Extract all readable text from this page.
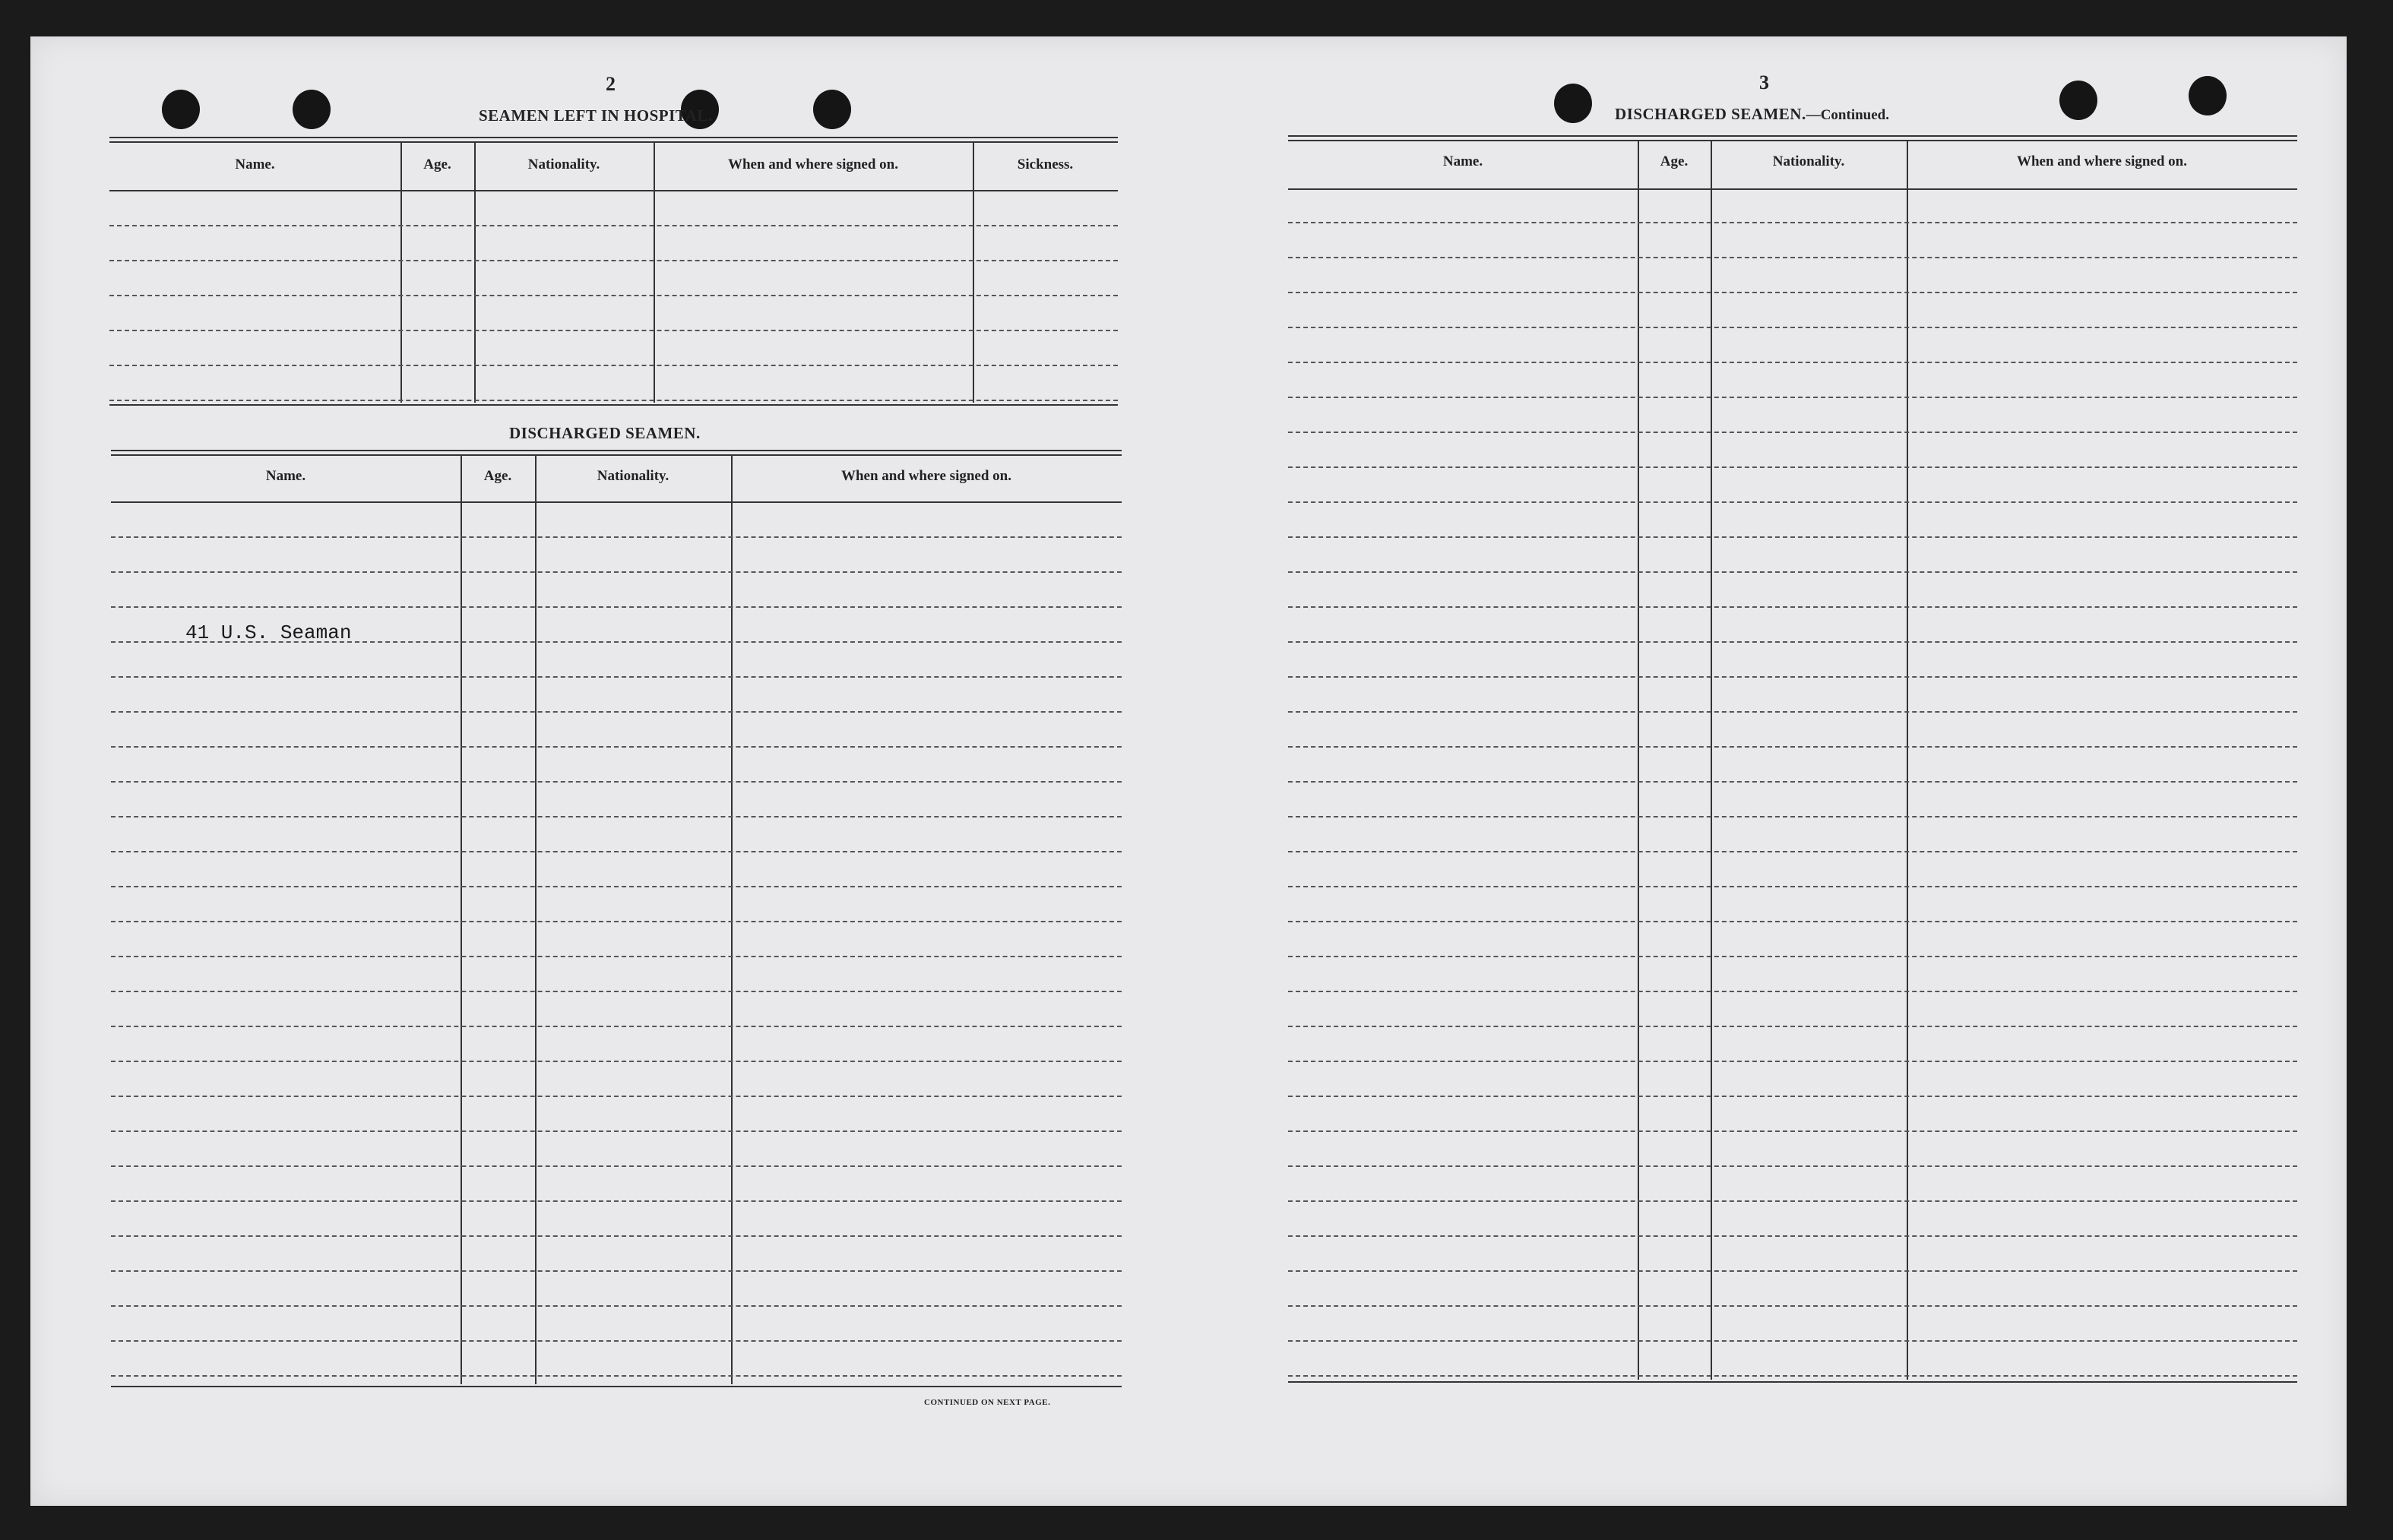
2
SEAMEN LEFT IN HOSPITAL.
Name.	Age.	Nationality.	When and where signed on.	Sickness.
DISCHARGED SEAMEN.
Name.	Age.	Nationality.	When and where signed on.
41 U.S. Seaman
CONTINUED ON NEXT PAGE.
3
DISCHARGED SEAMEN.—Continued.
Name.	Age.	Nationality.	When and where signed on.
